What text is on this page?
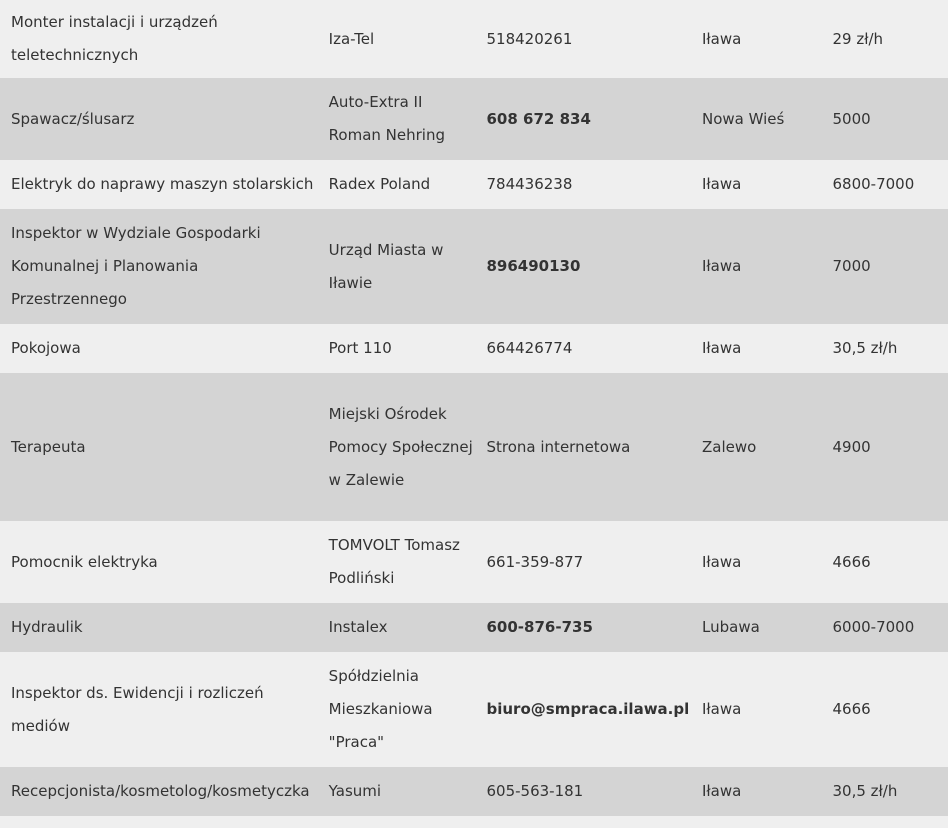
Monter instalacji i urządzeń teletechnicznych	Iza-Tel	518420261	Iława	29 zł/h
Spawacz/ślusarz	Auto-Extra II Roman Nehring	608 672 834	Nowa Wieś	5000
Elektryk do naprawy maszyn stolarskich	Radex Poland	784436238	Iława	6800-7000
Inspektor w Wydziale Gospodarki Komunalnej i Planowania Przestrzennego	Urząd Miasta w Iławie	896490130	Iława	7000
Pokojowa	Port 110	664426774	Iława	30,5 zł/h
Terapeuta	Miejski Ośrodek Pomocy Społecznej w Zalewie	Strona internetowa	Zalewo	4900
Pomocnik elektryka	TOMVOLT Tomasz Podliński	661-359-877	Iława	4666
Hydraulik	Instalex	600-876-735	Lubawa	6000-7000
Inspektor ds. Ewidencji i rozliczeń mediów	Spółdzielnia Mieszkaniowa "Praca"	biuro@smpraca.ilawa.pl	Iława	4666
Recepcjonista/kosmetolog/kosmetyczka	Yasumi	605-563-181	Iława	30,5 zł/h
